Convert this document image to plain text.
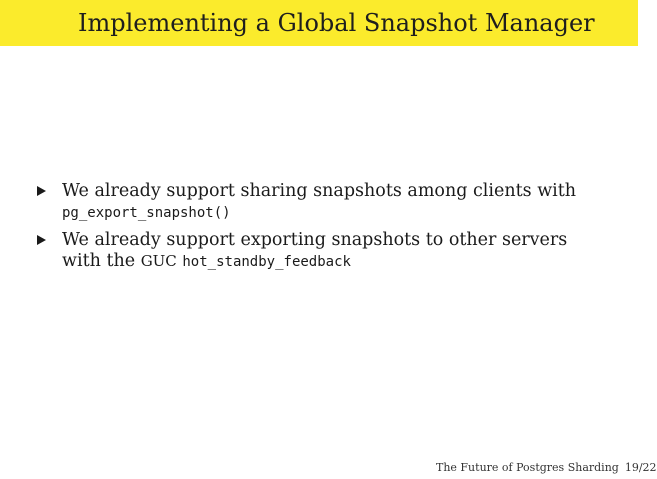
Implementing a Global Snapshot Manager
We already support sharing snapshots among clients with
pg_export_snapshot()
We already support exporting snapshots to other servers
with the GUC hot_standby_feedback
The Future of Postgres Sharding 19/22
